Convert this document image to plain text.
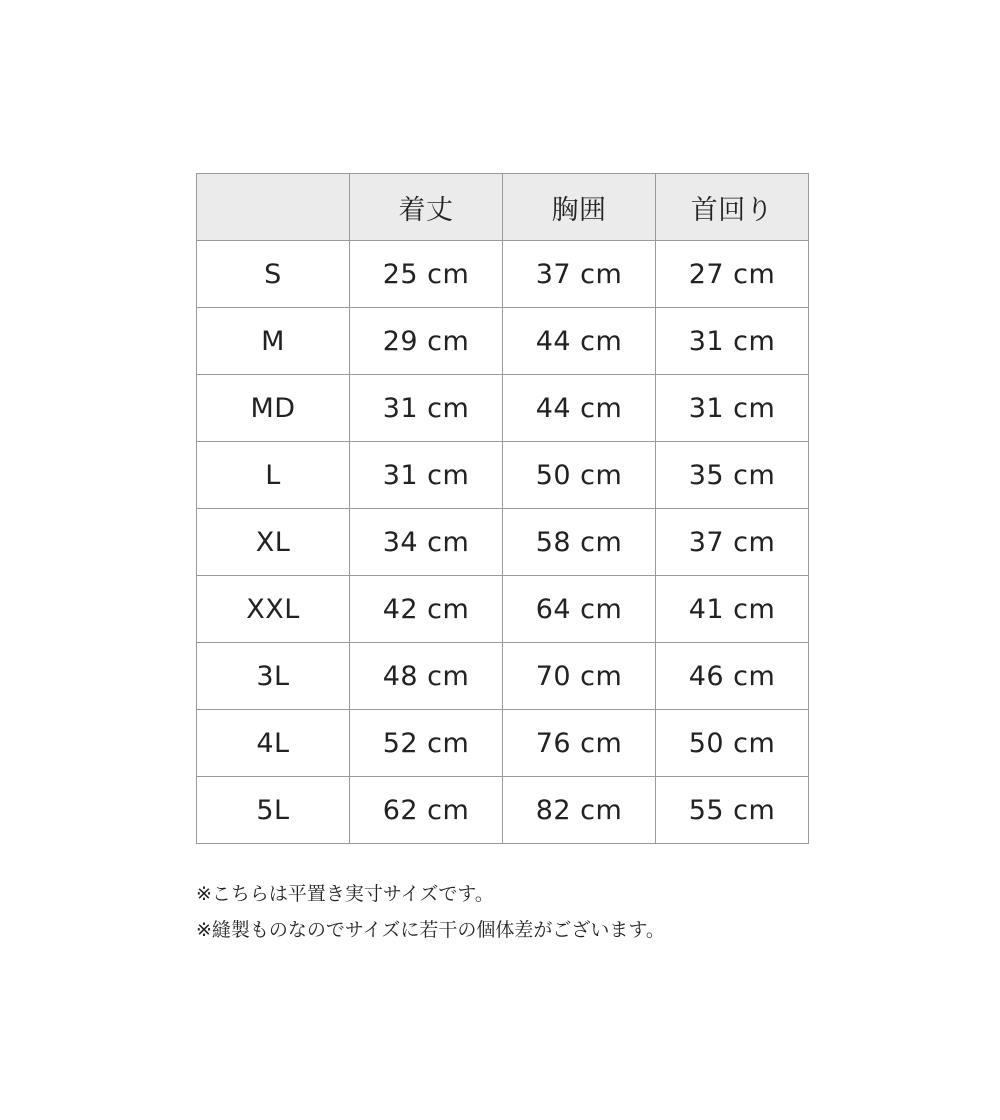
	着丈	胸囲	首回り
S	25 cm	37 cm	27 cm
M	29 cm	44 cm	31 cm
MD	31 cm	44 cm	31 cm
L	31 cm	50 cm	35 cm
XL	34 cm	58 cm	37 cm
XXL	42 cm	64 cm	41 cm
3L	48 cm	70 cm	46 cm
4L	52 cm	76 cm	50 cm
5L	62 cm	82 cm	55 cm
※こちらは平置き実寸サイズです。
※縫製ものなのでサイズに若干の個体差がございます。
